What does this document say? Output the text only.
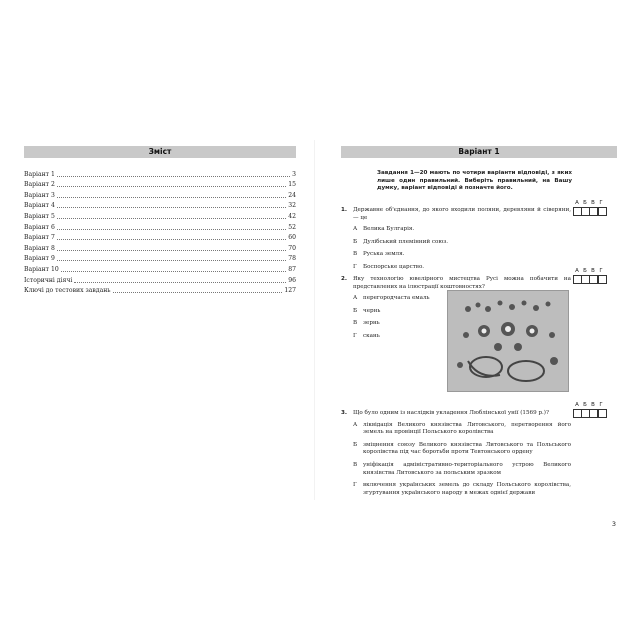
Зміст
Варіант 1	3
Варіант 2	15
Варіант 3	24
Варіант 4	32
Варіант 5	42
Варіант 6	52
Варіант 7	60
Варіант 8	70
Варіант 9	78
Варіант 10	87
Історичні діячі	96
Ключі до тестових завдань	127
Варіант 1
Завдання 1—20 мають по чотири варіанти відповіді, з яких лише один правильний. Виберіть правильний, на Вашу думку, варіант відповіді й позначте його.
1. Державне об'єднання, до якого входили поляни, деревляни й сіверяни, — це
А	Велика Булгарія.
Б	Дулібський племінний союз.
В	Руська земля.
Г	Боспорське царство.
А Б В Г
2. Яку технологію ювелірного мистецтва Русі можна побачити на представлених на ілюстрації коштовностях?
А	перегородчаста емаль
Б	чернь
В	зернь
Г	скань
А Б В Г
3. Що було одним із наслідків укладення Люблінської унії (1569 р.)?
А	ліквідація Великого князівства Литовського, перетворення його земель на провінції Польського королівства
Б	зміцнення союзу Великого князівства Литовського та Польського королівства під час боротьби проти Тевтонського ордену
В	уніфікація адміністративно-територіального устрою Великого князівства Литовського за польським зразком
Г	включення українських земель до складу Польського королівства, згуртування українського народу в межах однієї держави
А Б В Г
3
